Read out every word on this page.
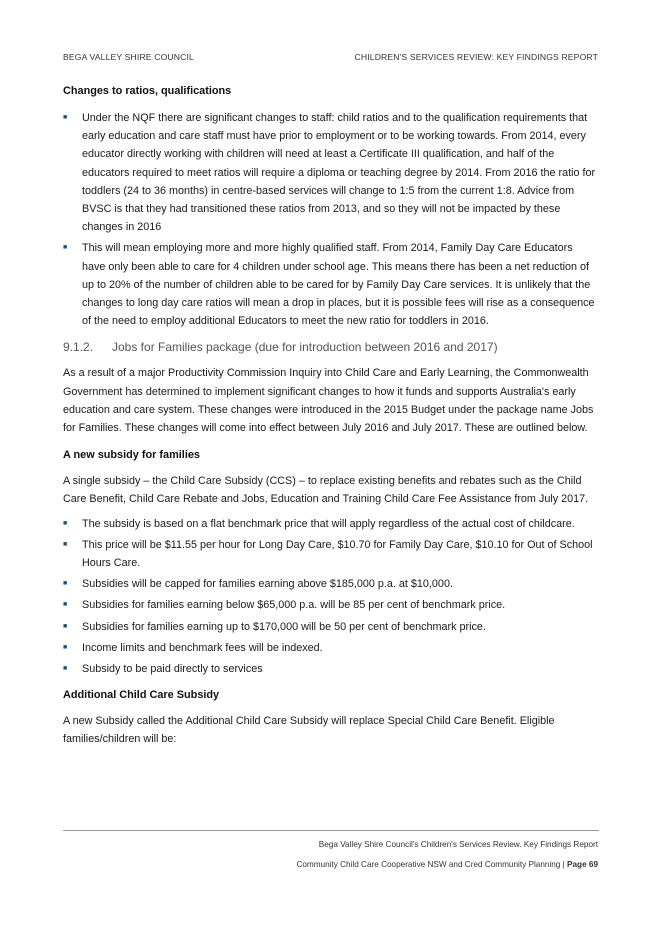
BEGA VALLEY SHIRE COUNCIL	CHILDREN'S SERVICES REVIEW: KEY FINDINGS REPORT

Changes to ratios, qualifications

■ Under the NQF there are significant changes to staff: child ratios and to the qualification requirements that early education and care staff must have prior to employment or to be working towards. From 2014, every educator directly working with children will need at least a Certificate III qualification, and half of the educators required to meet ratios will require a diploma or teaching degree by 2014. From 2016 the ratio for toddlers (24 to 36 months) in centre-based services will change to 1:5 from the current 1:8. Advice from BVSC is that they had transitioned these ratios from 2013, and so they will not be impacted by these changes in 2016
■ This will mean employing more and more highly qualified staff. From 2014, Family Day Care Educators have only been able to care for 4 children under school age. This means there has been a net reduction of up to 20% of the number of children able to be cared for by Family Day Care services. It is unlikely that the changes to long day care ratios will mean a drop in places, but it is possible fees will rise as a consequence of the need to employ additional Educators to meet the new ratio for toddlers in 2016.

9.1.2. Jobs for Families package (due for introduction between 2016 and 2017)

As a result of a major Productivity Commission Inquiry into Child Care and Early Learning, the Commonwealth Government has determined to implement significant changes to how it funds and supports Australia's early education and care system. These changes were introduced in the 2015 Budget under the package name Jobs for Families. These changes will come into effect between July 2016 and July 2017. These are outlined below.

A new subsidy for families

A single subsidy – the Child Care Subsidy (CCS) – to replace existing benefits and rebates such as the Child Care Benefit, Child Care Rebate and Jobs, Education and Training Child Care Fee Assistance from July 2017.

■ The subsidy is based on a flat benchmark price that will apply regardless of the actual cost of childcare.
■ This price will be $11.55 per hour for Long Day Care, $10.70 for Family Day Care, $10.10 for Out of School Hours Care.
■ Subsidies will be capped for families earning above $185,000 p.a. at $10,000.
■ Subsidies for families earning below $65,000 p.a. will be 85 per cent of benchmark price.
■ Subsidies for families earning up to $170,000 will be 50 per cent of benchmark price.
■ Income limits and benchmark fees will be indexed.
■ Subsidy to be paid directly to services

Additional Child Care Subsidy

A new Subsidy called the Additional Child Care Subsidy will replace Special Child Care Benefit. Eligible families/children will be:

Bega Valley Shire Council's Children's Services Review. Key Findings Report
Community Child Care Cooperative NSW and Cred Community Planning | Page 69
